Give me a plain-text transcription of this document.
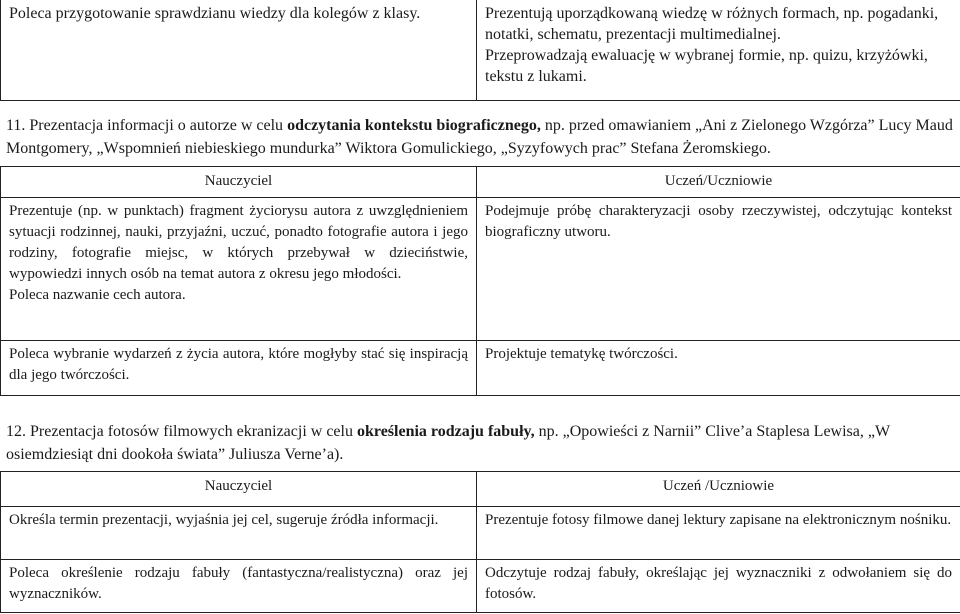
Poleca przygotowanie sprawdzianu wiedzy dla kolegów z klasy.	Prezentują uporządkowaną wiedzę w różnych formach, np. pogadanki, notatki, schematu, prezentacji multimedialnej.
Przeprowadzają ewaluację w wybranej formie, np. quizu, krzyżówki, tekstu z lukami.
11. Prezentacja informacji o autorze w celu odczytania kontekstu biograficznego, np. przed omawianiem „Ani z Zielonego Wzgórza” Lucy Maud Montgomery, „Wspomnień niebieskiego mundurka” Wiktora Gomulickiego, „Syzyfowych prac” Stefana Żeromskiego.
Nauczyciel	Uczeń/Uczniowie

Prezentuje (np. w punktach) fragment życiorysu autora z uwzględnieniem sytuacji rodzinnej, nauki, przyjaźni, uczuć, ponadto fotografie autora i jego rodziny, fotografie miejsc, w których przebywał w dzieciństwie, wypowiedzi innych osób na temat autora z okresu jego młodości.
Poleca nazwanie cech autora.	Podejmuje próbę charakteryzacji osoby rzeczywistej, odczytując kontekst biograficzny utworu.

Poleca wybranie wydarzeń z życia autora, które mogłyby stać się inspiracją dla jego twórczości.	Projektuje tematykę twórczości.
12. Prezentacja fotosów filmowych ekranizacji w celu określenia rodzaju fabuły, np. „Opowieści z Narnii” Clive’a Staplesa Lewisa, „W osiemdziesiąt dni dookoła świata” Juliusza Verne’a).
Nauczyciel	Uczeń /Uczniowie

Określa termin prezentacji, wyjaśnia jej cel, sugeruje źródła informacji.	Prezentuje fotosy filmowe danej lektury zapisane na elektronicznym nośniku.

Poleca określenie rodzaju fabuły (fantastyczna/realistyczna) oraz jej wyznaczników.	Odczytuje rodzaj fabuły, określając jej wyznaczniki z odwołaniem się do fotosów.
